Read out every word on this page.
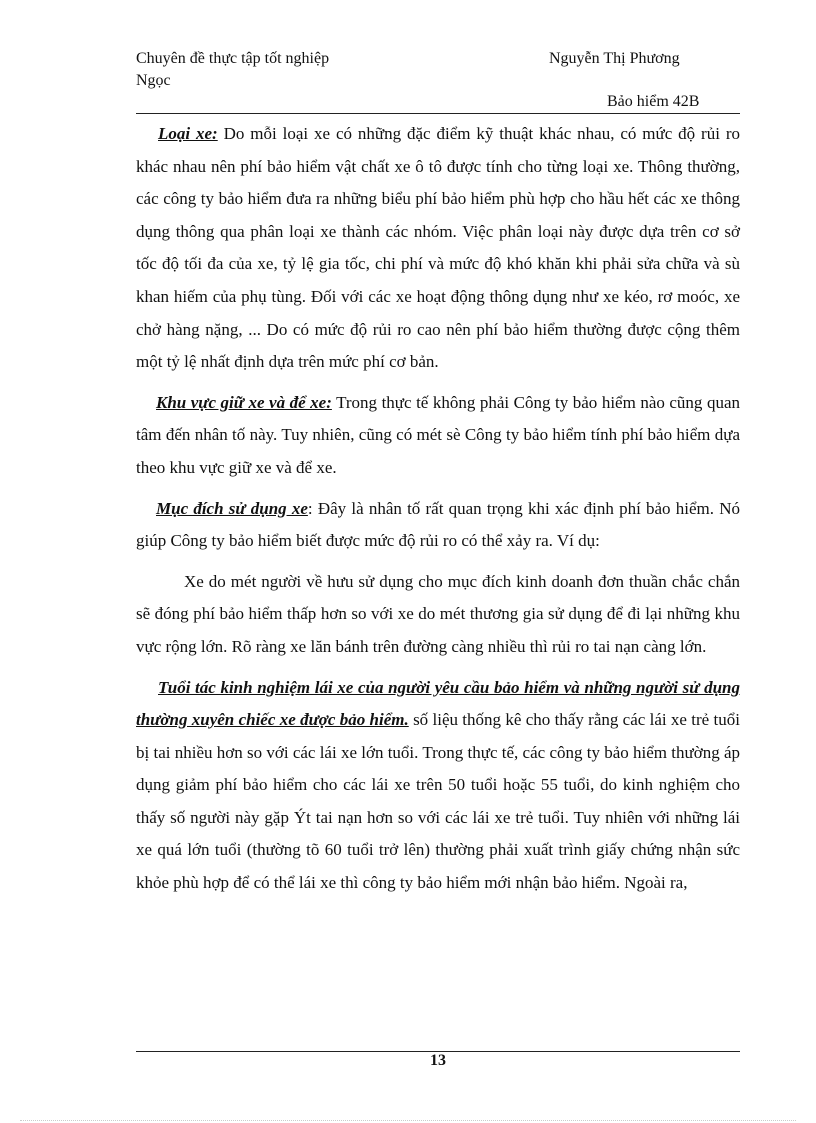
Chuyên đề thực tập tốt nghiệp	Nguyễn Thị Phương
Ngọc
Bảo hiểm 42B

Loại xe: Do mỗi loại xe có những đặc điểm kỹ thuật khác nhau, có mức độ rủi ro khác nhau nên phí bảo hiểm vật chất xe ô tô được tính cho từng loại xe. Thông thường, các công ty bảo hiểm đưa ra những biểu phí bảo hiểm phù hợp cho hầu hết các xe thông dụng thông qua phân loại xe thành các nhóm. Việc phân loại này được dựa trên cơ sở tốc độ tối đa của xe, tỷ lệ gia tốc, chi phí và mức độ khó khăn khi phải sửa chữa và sù khan hiếm của phụ tùng. Đối với các xe hoạt động thông dụng như xe kéo, rơ moóc, xe chở hàng nặng, ... Do có mức độ rủi ro cao nên phí bảo hiểm thường được cộng thêm một tỷ lệ nhất định dựa trên mức phí cơ bản.

Khu vực giữ xe và để xe: Trong thực tế không phải Công ty bảo hiểm nào cũng quan tâm đến nhân tố này. Tuy nhiên, cũng có mét sè Công ty bảo hiểm tính phí bảo hiểm dựa theo khu vực giữ xe và để xe.

Mục đích sử dụng xe: Đây là nhân tố rất quan trọng khi xác định phí bảo hiểm. Nó giúp Công ty bảo hiểm biết được mức độ rủi ro có thể xảy ra. Ví dụ:

Xe do mét người về hưu sử dụng cho mục đích kinh doanh đơn thuần chắc chắn sẽ đóng phí bảo hiểm thấp hơn so với xe do mét thương gia sử dụng để đi lại những khu vực rộng lớn. Rõ ràng xe lăn bánh trên đường càng nhiều thì rủi ro tai nạn càng lớn.

Tuổi tác kinh nghiệm lái xe của người yêu cầu bảo hiểm và những người sử dụng thường xuyên chiếc xe được bảo hiểm. số liệu thống kê cho thấy rằng các lái xe trẻ tuổi bị tai nhiều hơn so với các lái xe lớn tuổi. Trong thực tế, các công ty bảo hiểm thường áp dụng giảm phí bảo hiểm cho các lái xe trên 50 tuổi hoặc 55 tuổi, do kinh nghiệm cho thấy số người này gặp Ýt tai nạn hơn so với các lái xe trẻ tuổi. Tuy nhiên với những lái xe quá lớn tuổi (thường tõ 60 tuổi trở lên) thường phải xuất trình giấy chứng nhận sức khỏe phù hợp để có thể lái xe thì công ty bảo hiểm mới nhận bảo hiểm. Ngoài ra,

13
